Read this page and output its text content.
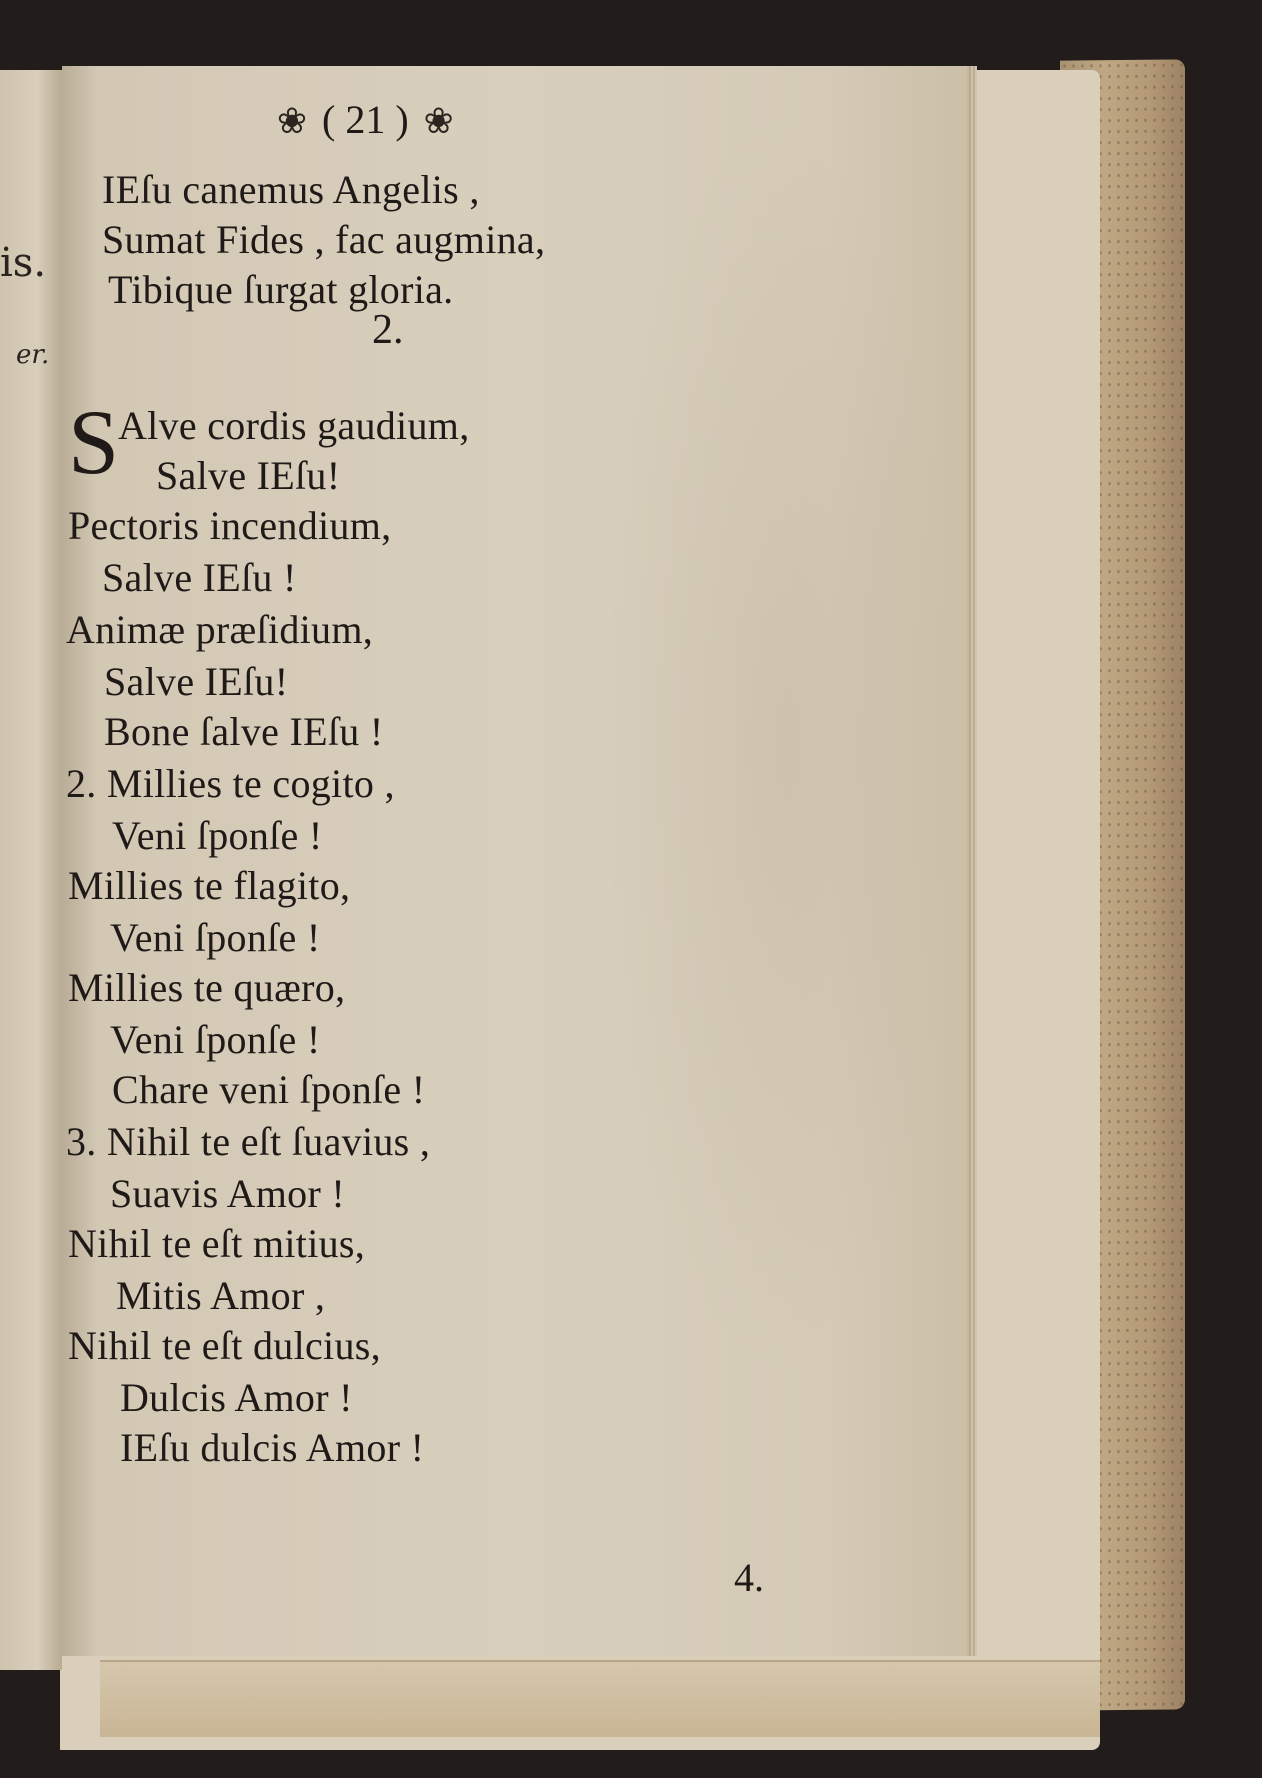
is.
er.
❀ ( 21 ) ❀
IEſu canemus Angelis ,
Sumat Fides , fac augmina,
Tibique ſurgat gloria.
2.
S
Alve cordis gaudium,
Salve IEſu!
Pectoris incendium,
Salve IEſu !
Animæ præſidium,
Salve IEſu!
Bone ſalve IEſu !
2. Millies te cogito ,
Veni ſponſe !
Millies te flagito,
Veni ſponſe !
Millies te quæro,
Veni ſponſe !
Chare veni ſponſe !
3. Nihil te eſt ſuavius ,
Suavis Amor !
Nihil te eſt mitius,
Mitis Amor ,
Nihil te eſt dulcius,
Dulcis Amor !
IEſu dulcis Amor !
4.
